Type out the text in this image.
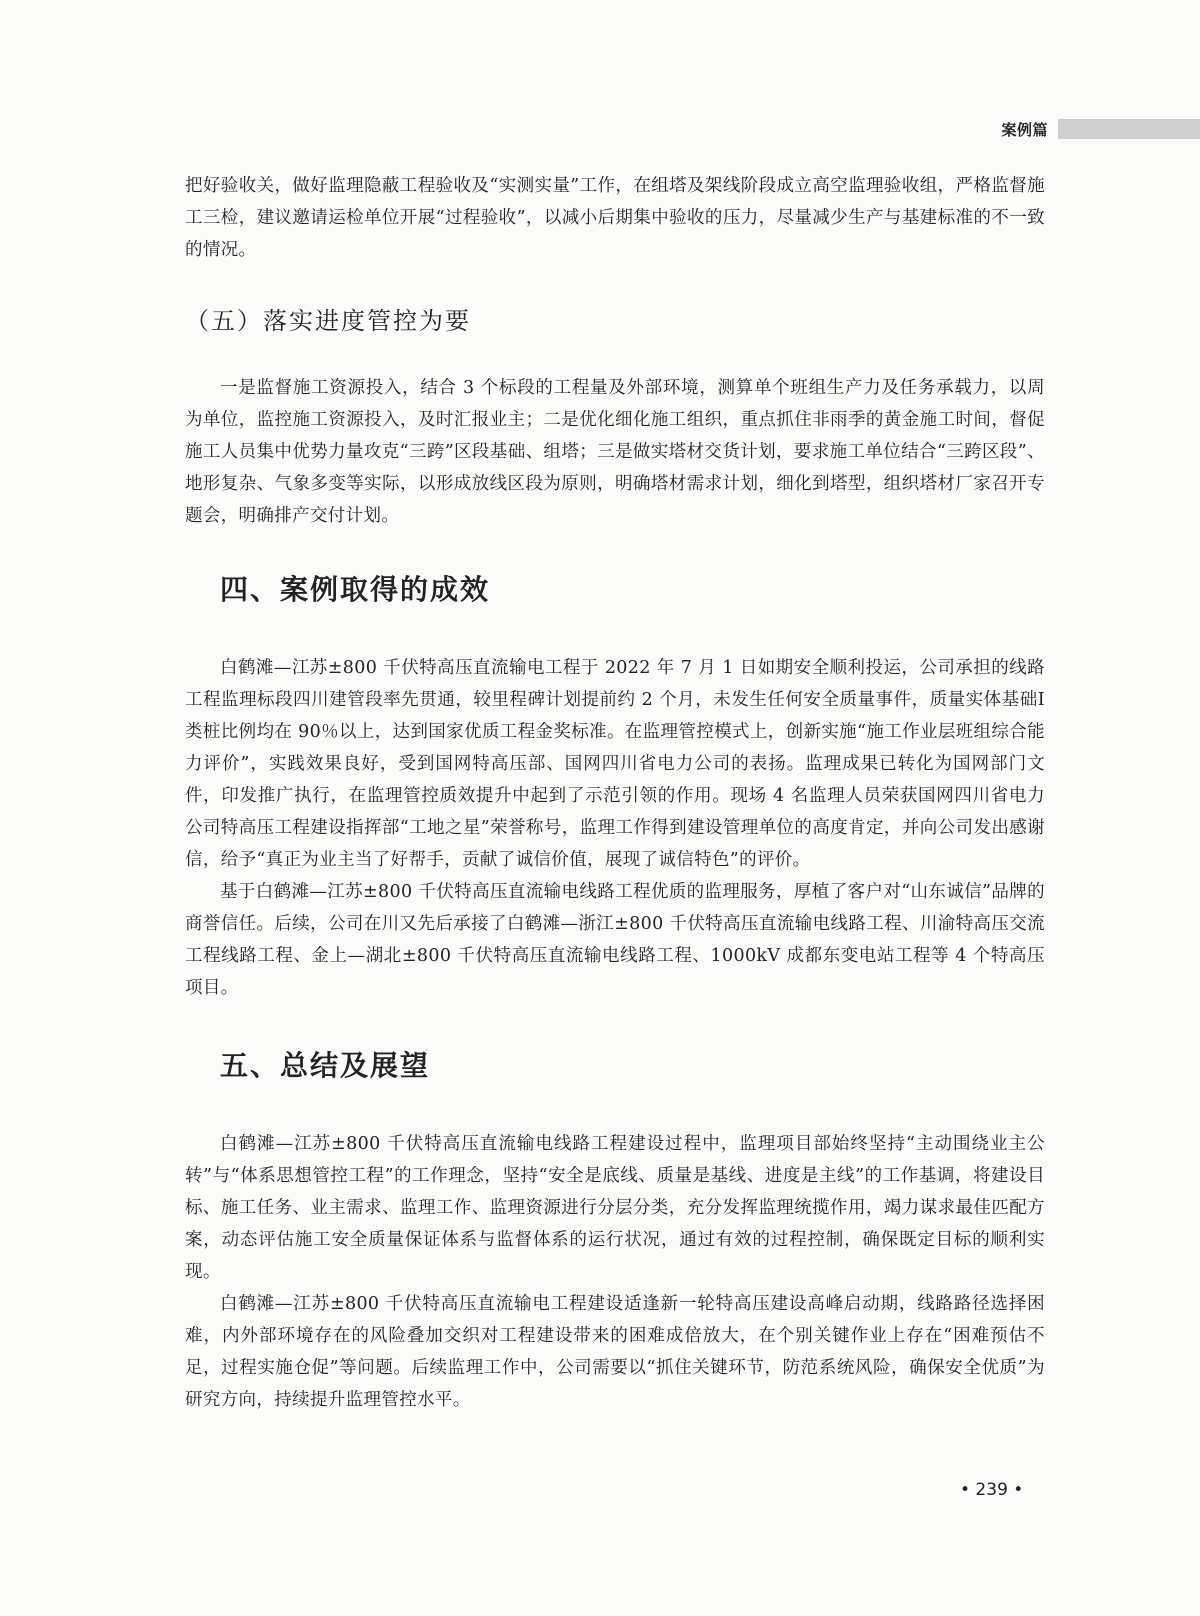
案例篇

把好验收关，做好监理隐蔽工程验收及“实测实量”工作，在组塔及架线阶段成立高空监理验收组，严格监督施工三检，建议邀请运检单位开展“过程验收”，以减小后期集中验收的压力，尽量减少生产与基建标准的不一致的情况。

（五）落实进度管控为要

一是监督施工资源投入，结合 3 个标段的工程量及外部环境，测算单个班组生产力及任务承载力，以周为单位，监控施工资源投入，及时汇报业主；二是优化细化施工组织，重点抓住非雨季的黄金施工时间，督促施工人员集中优势力量攻克“三跨”区段基础、组塔；三是做实塔材交货计划，要求施工单位结合“三跨区段”、地形复杂、气象多变等实际，以形成放线区段为原则，明确塔材需求计划，细化到塔型，组织塔材厂家召开专题会，明确排产交付计划。

四、案例取得的成效

白鹤滩—江苏±800 千伏特高压直流输电工程于 2022 年 7 月 1 日如期安全顺利投运，公司承担的线路工程监理标段四川建管段率先贯通，较里程碑计划提前约 2 个月，未发生任何安全质量事件，质量实体基础Ⅰ类桩比例均在 90％以上，达到国家优质工程金奖标准。在监理管控模式上，创新实施“施工作业层班组综合能力评价”，实践效果良好，受到国网特高压部、国网四川省电力公司的表扬。监理成果已转化为国网部门文件，印发推广执行，在监理管控质效提升中起到了示范引领的作用。现场 4 名监理人员荣获国网四川省电力公司特高压工程建设指挥部“工地之星”荣誉称号，监理工作得到建设管理单位的高度肯定，并向公司发出感谢信，给予“真正为业主当了好帮手，贡献了诚信价值，展现了诚信特色”的评价。

基于白鹤滩—江苏±800 千伏特高压直流输电线路工程优质的监理服务，厚植了客户对“山东诚信”品牌的商誉信任。后续，公司在川又先后承接了白鹤滩—浙江±800 千伏特高压直流输电线路工程、川渝特高压交流工程线路工程、金上—湖北±800 千伏特高压直流输电线路工程、1000kV 成都东变电站工程等 4 个特高压项目。

五、总结及展望

白鹤滩—江苏±800 千伏特高压直流输电线路工程建设过程中，监理项目部始终坚持“主动围绕业主公转”与“体系思想管控工程”的工作理念，坚持“安全是底线、质量是基线、进度是主线”的工作基调，将建设目标、施工任务、业主需求、监理工作、监理资源进行分层分类，充分发挥监理统揽作用，竭力谋求最佳匹配方案，动态评估施工安全质量保证体系与监督体系的运行状况，通过有效的过程控制，确保既定目标的顺利实现。

白鹤滩—江苏±800 千伏特高压直流输电工程建设适逢新一轮特高压建设高峰启动期，线路路径选择困难，内外部环境存在的风险叠加交织对工程建设带来的困难成倍放大，在个别关键作业上存在“困难预估不足，过程实施仓促”等问题。后续监理工作中，公司需要以“抓住关键环节，防范系统风险，确保安全优质”为研究方向，持续提升监理管控水平。

• 239 •
